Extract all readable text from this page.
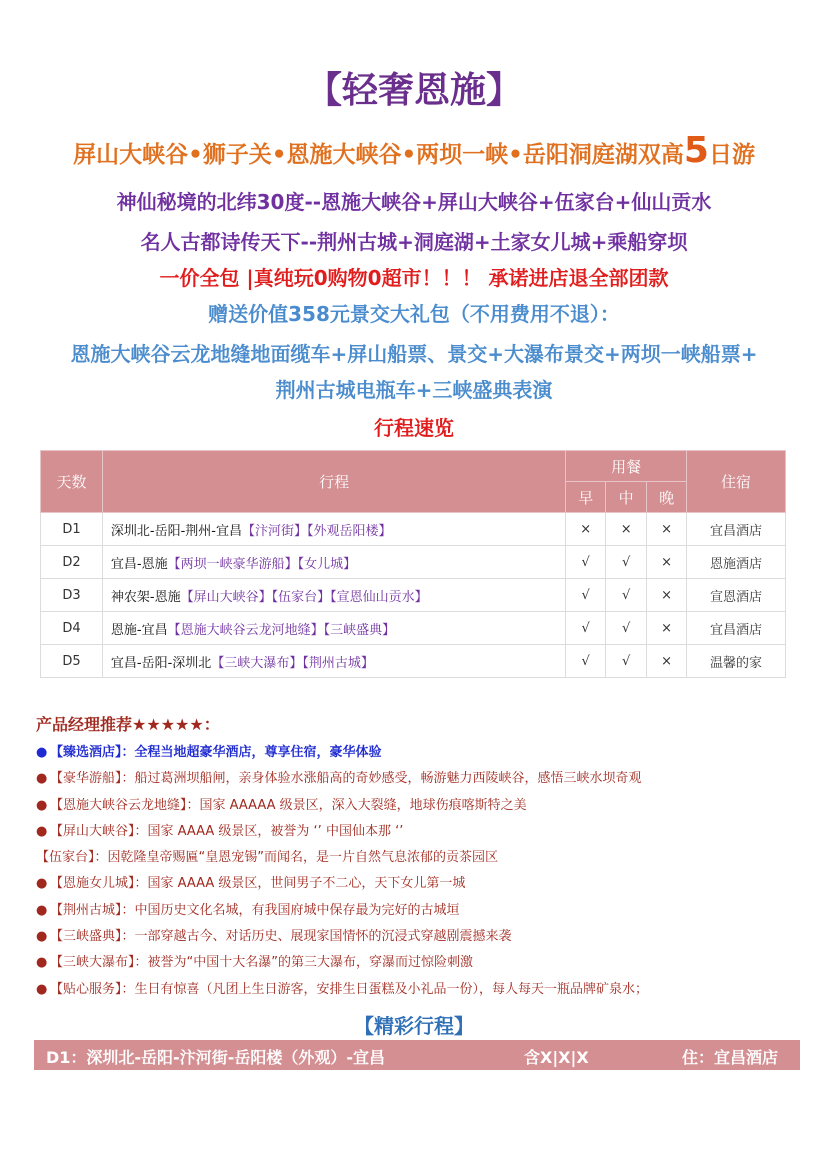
【轻奢恩施】
屏山大峡谷•狮子关•恩施大峡谷•两坝一峡•岳阳洞庭湖双高5日游
神仙秘境的北纬30度--恩施大峡谷+屏山大峡谷+伍家台+仙山贡水
名人古都诗传天下--荆州古城+洞庭湖+土家女儿城+乘船穿坝
一价全包 |真纯玩0购物0超市！！！ 承诺进店退全部团款
赠送价值358元景交大礼包（不用费用不退）：
恩施大峡谷云龙地缝地面缆车+屏山船票、景交+大瀑布景交+两坝一峡船票+
荆州古城电瓶车+三峡盛典表演
行程速览
天数	行程	用餐			住宿
		早	中	晚	
D1	深圳北-岳阳-荆州-宜昌【汴河街】【外观岳阳楼】	×	×	×	宜昌酒店
D2	宜昌-恩施【两坝一峡豪华游船】【女儿城】	√	√	×	恩施酒店
D3	神农架-恩施【屏山大峡谷】【伍家台】【宣恩仙山贡水】	√	√	×	宣恩酒店
D4	恩施-宜昌【恩施大峡谷云龙河地缝】【三峡盛典】	√	√	×	宜昌酒店
D5	宜昌-岳阳-深圳北【三峡大瀑布】【荆州古城】	√	√	×	温馨的家
产品经理推荐★★★★★：
● 【臻选酒店】：全程当地超豪华酒店，尊享住宿，豪华体验
● 【豪华游船】：船过葛洲坝船闸，亲身体验水涨船高的奇妙感受，畅游魅力西陵峡谷，感悟三峡水坝奇观
● 【恩施大峡谷云龙地缝】：国家 AAAAA 级景区，深入大裂缝，地球伤痕喀斯特之美
● 【屏山大峡谷】：国家 AAAA 级景区，被誉为 ‘’ 中国仙本那 ‘’
【伍家台】：因乾隆皇帝赐匾“皇恩宠锡”而闻名，是一片自然气息浓郁的贡茶园区
● 【恩施女儿城】：国家 AAAA 级景区，世间男子不二心，天下女儿第一城
● 【荆州古城】：中国历史文化名城，有我国府城中保存最为完好的古城垣
● 【三峡盛典】：一部穿越古今、对话历史、展现家国情怀的沉浸式穿越剧震撼来袭
● 【三峡大瀑布】：被誉为“中国十大名瀑”的第三大瀑布，穿瀑而过惊险刺激
● 【贴心服务】：生日有惊喜（凡团上生日游客，安排生日蛋糕及小礼品一份），每人每天一瓶品牌矿泉水；
【精彩行程】
D1：深圳北-岳阳-汴河街-岳阳楼（外观）-宜昌	含X|X|X	住：宜昌酒店
